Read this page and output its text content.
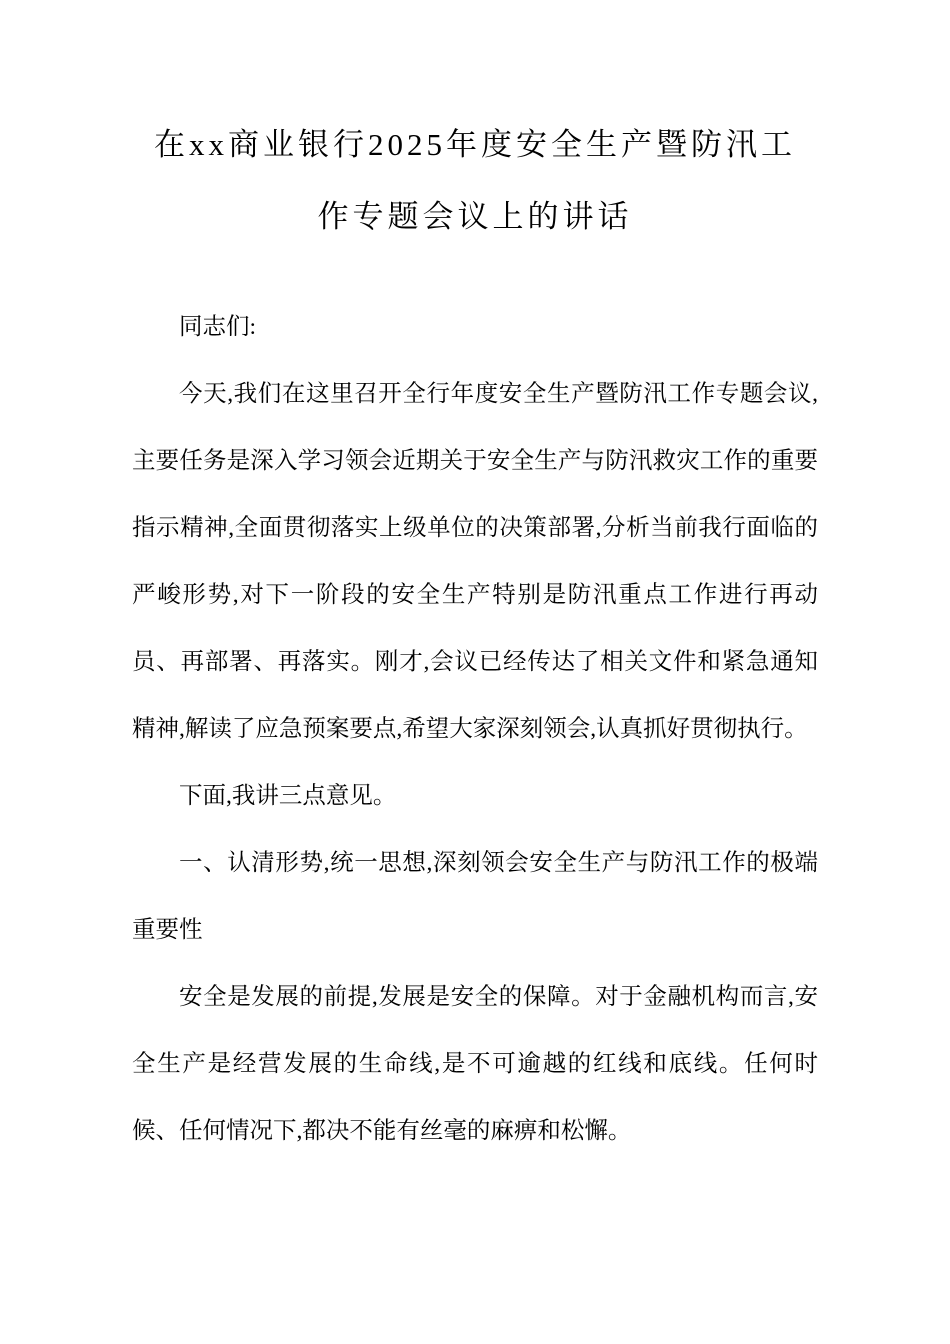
在xx商业银行2025年度安全生产暨防汛工作专题会议上的讲话

同志们:

今天,我们在这里召开全行年度安全生产暨防汛工作专题会议,主要任务是深入学习领会近期关于安全生产与防汛救灾工作的重要指示精神,全面贯彻落实上级单位的决策部署,分析当前我行面临的严峻形势,对下一阶段的安全生产特别是防汛重点工作进行再动员、再部署、再落实。刚才,会议已经传达了相关文件和紧急通知精神,解读了应急预案要点,希望大家深刻领会,认真抓好贯彻执行。

下面,我讲三点意见。

一、认清形势,统一思想,深刻领会安全生产与防汛工作的极端重要性

安全是发展的前提,发展是安全的保障。对于金融机构而言,安全生产是经营发展的生命线,是不可逾越的红线和底线。任何时候、任何情况下,都决不能有丝毫的麻痹和松懈。
